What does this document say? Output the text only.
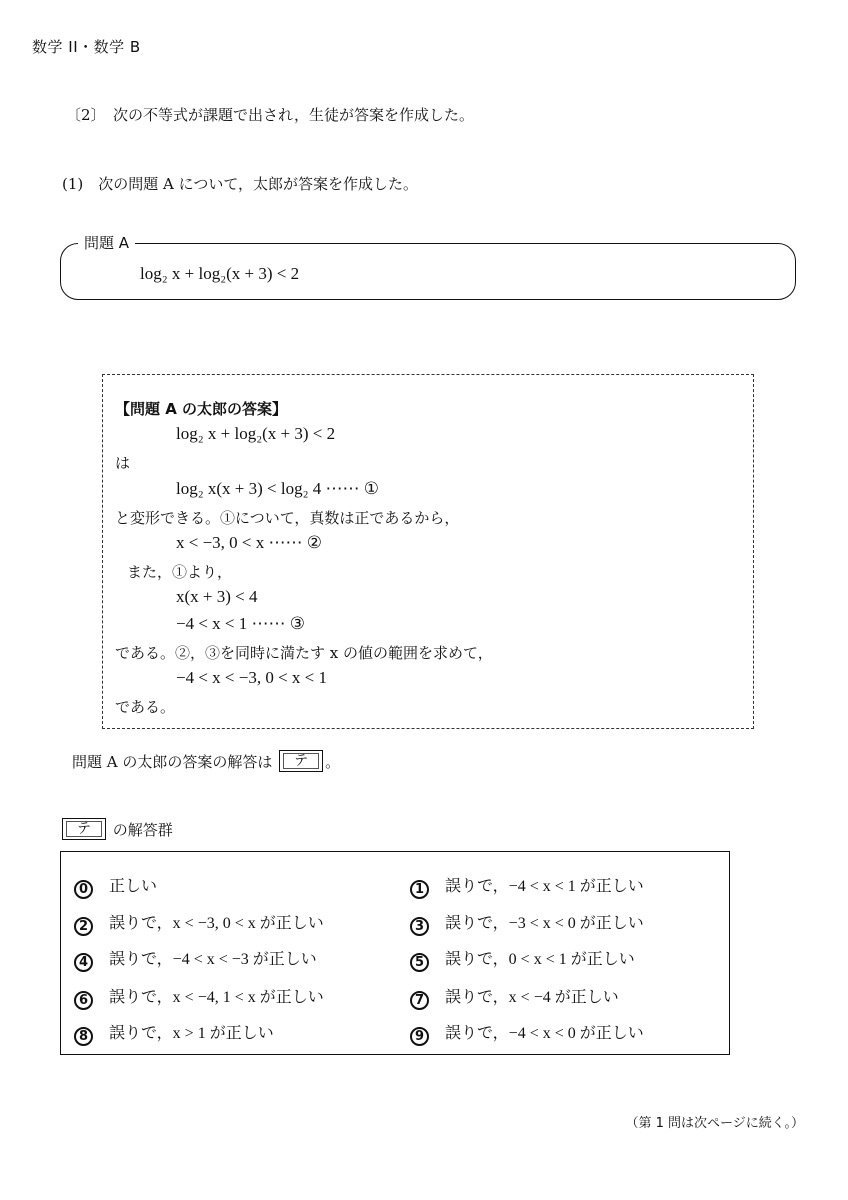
数学 II・数学 B
〔2〕　次の不等式が課題で出され，生徒が答案を作成した。
(1)　次の問題 A について，太郎が答案を作成した。
問題 A
log₂ x + log₂(x + 3) < 2
【問題 A の太郎の答案】
log₂ x + log₂(x + 3) < 2
は
log₂ x(x + 3) < log₂ 4 ⋯⋯ ①
と変形できる。①について，真数は正であるから，
x < −3, 0 < x ⋯⋯ ②
また，①より，
x(x + 3) < 4
−4 < x < 1 ⋯⋯ ③
である。②，③を同時に満たす x の値の範囲を求めて，
−4 < x < −3, 0 < x < 1
である。
問題 A の太郎の答案の解答は	テ	。
テ	の解答群
0 正しい	1 誤りで，−4 < x < 1 が正しい
2 誤りで，x < −3, 0 < x が正しい	3 誤りで，−3 < x < 0 が正しい
4 誤りで，−4 < x < −3 が正しい	5 誤りで，0 < x < 1 が正しい
6 誤りで，x < −4, 1 < x が正しい	7 誤りで，x < −4 が正しい
8 誤りで，x > 1 が正しい	9 誤りで，−4 < x < 0 が正しい
（第 1 問は次ページに続く。）
